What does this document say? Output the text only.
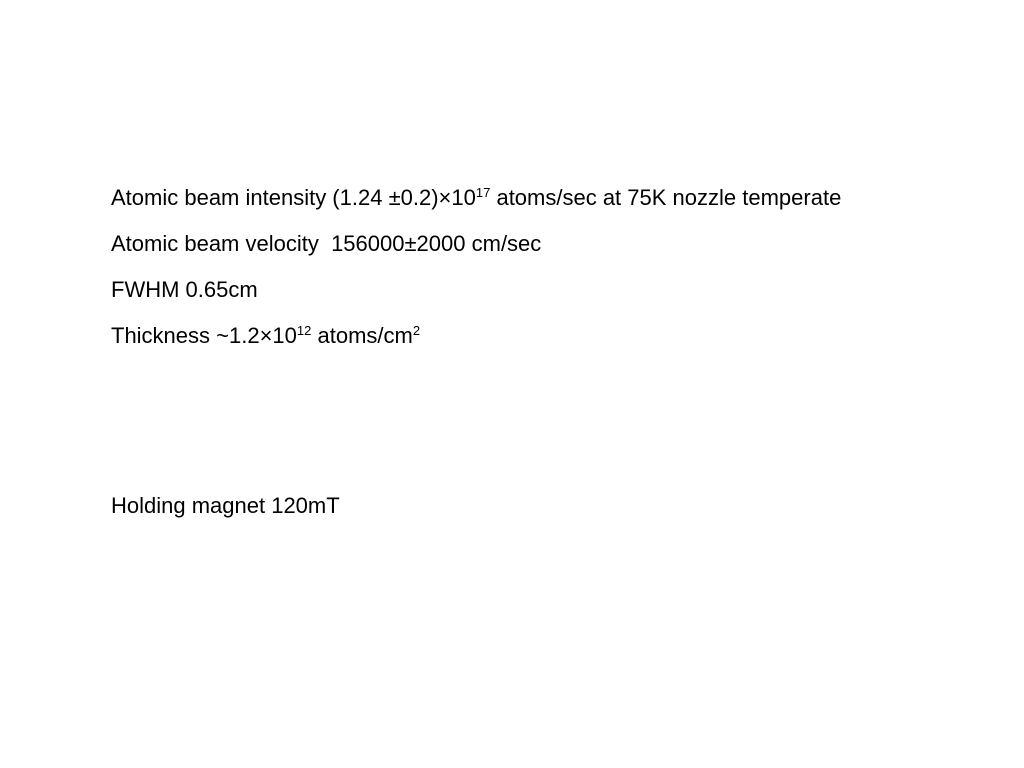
Atomic beam intensity $(1.24 \pm 0.2)\times 10^{17}$ atoms/sec at 75K nozzle temperate

Atomic beam velocity  156000±2000 cm/sec

FWHM 0.65cm

Thickness $\sim 1.2\times 10^{12}$ atoms/$cm^2$

Holding magnet 120mT
